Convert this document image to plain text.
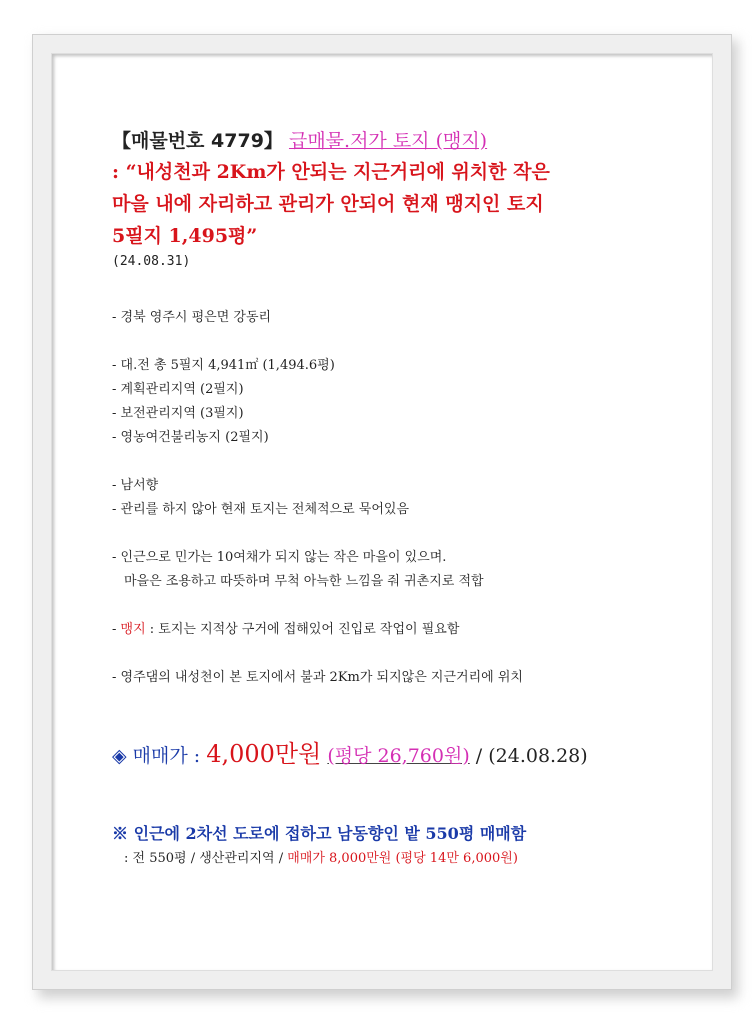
【매물번호 4779】 급매물.저가 토지 (맹지)
: “내성천과 2Km가 안되는 지근거리에 위치한 작은
마을 내에 자리하고 관리가 안되어 현재 맹지인 토지
5필지 1,495평”
(24.08.31)
- 경북 영주시 평은면 강동리
- 대.전 총 5필지 4,941㎡ (1,494.6평)
- 계획관리지역 (2필지)
- 보전관리지역 (3필지)
- 영농여건불리농지 (2필지)
- 남서향
- 관리를 하지 않아 현재 토지는 전체적으로 묵어있음
- 인근으로 민가는 10여채가 되지 않는 작은 마을이 있으며.
마을은 조용하고 따뜻하며 무척 아늑한 느낌을 줘 귀촌지로 적합
- 맹지 : 토지는 지적상 구거에 접해있어 진입로 작업이 필요함
- 영주댐의 내성천이 본 토지에서 불과 2Km가 되지않은 지근거리에 위치
◈ 매매가 : 4,000만원 (평당 26,760원) / (24.08.28)
※ 인근에 2차선 도로에 접하고 남동향인 밭 550평 매매함
: 전 550평 / 생산관리지역 / 매매가 8,000만원 (평당 14만 6,000원)
